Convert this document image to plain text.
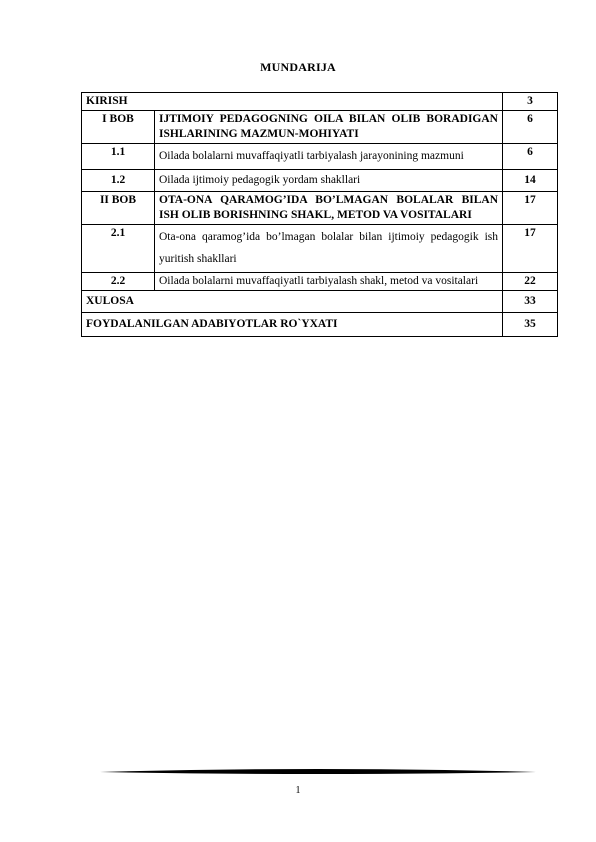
MUNDARIJA
KIRISH		3
I BOB	IJTIMOIY PEDAGOGNING OILA BILAN OLIB BORADIGAN ISHLARINING MAZMUN-MOHIYATI	6
1.1	Oilada bolalarni muvaffaqiyatli tarbiyalash jarayonining mazmuni	6
1.2	Oilada ijtimoiy pedagogik yordam shakllari	14
II BOB	OTA-ONA QARAMOG’IDA BO’LMAGAN BOLALAR BILAN ISH OLIB BORISHNING SHAKL, METOD VA VOSITALARI	17
2.1	Ota-ona qaramog’ida bo’lmagan bolalar bilan ijtimoiy pedagogik ish yuritish shakllari	17
2.2	Oilada bolalarni muvaffaqiyatli tarbiyalash shakl, metod va vositalari	22
XULOSA		33
FOYDALANILGAN ADABIYOTLAR RO`YXATI		35
1
